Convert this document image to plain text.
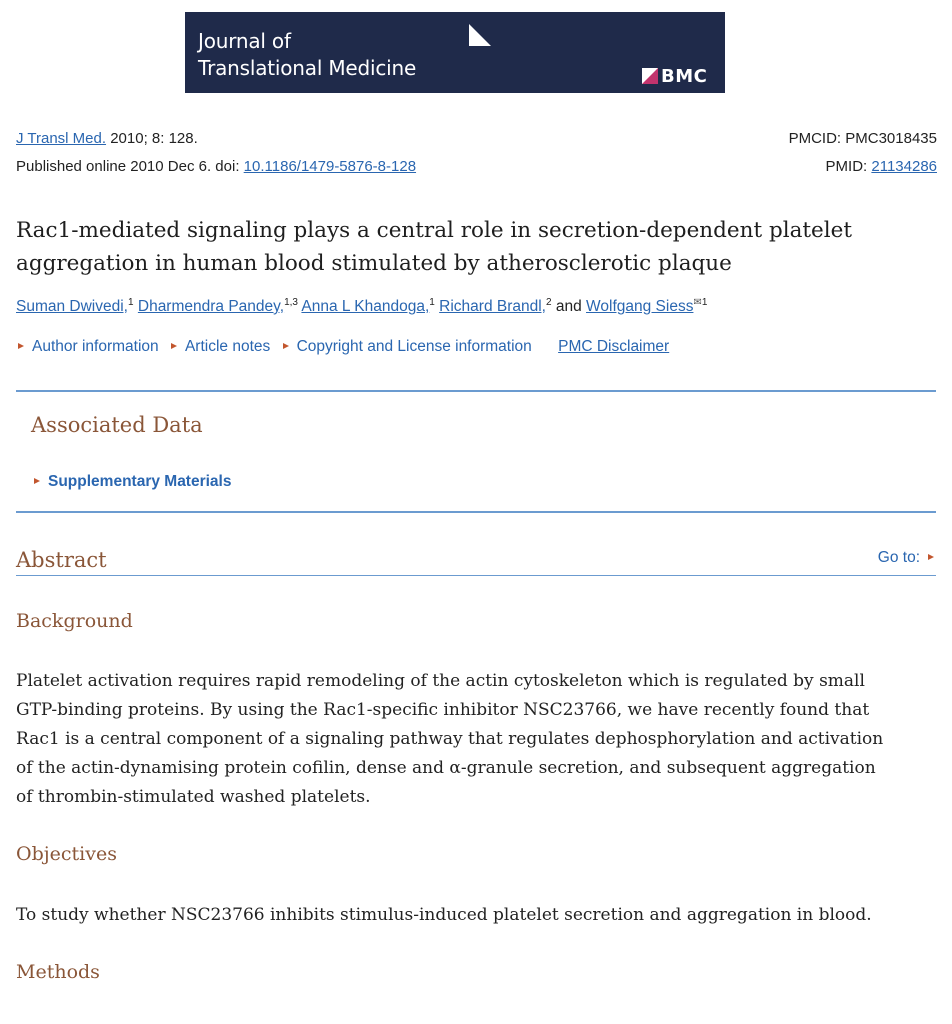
Journal of
Translational Medicine	BMC
J Transl Med. 2010; 8: 128.
Published online 2010 Dec 6. doi: 10.1186/1479-5876-8-128
PMCID: PMC3018435
PMID: 21134286
Rac1-mediated signaling plays a central role in secretion-dependent platelet
aggregation in human blood stimulated by atherosclerotic plaque
Suman Dwivedi,$^1$ Dharmendra Pandey,$^{1,3}$ Anna L Khandoga,$^1$ Richard Brandl,$^2$ and Wolfgang Siess$^{✉1}$
Author information Article notes Copyright and License information PMC Disclaimer
Associated Data
Supplementary Materials
Abstract	Go to:
Background

Platelet activation requires rapid remodeling of the actin cytoskeleton which is regulated by small
GTP-binding proteins. By using the Rac1-specific inhibitor NSC23766, we have recently found that
Rac1 is a central component of a signaling pathway that regulates dephosphorylation and activation
of the actin-dynamising protein cofilin, dense and α-granule secretion, and subsequent aggregation
of thrombin-stimulated washed platelets.

Objectives

To study whether NSC23766 inhibits stimulus-induced platelet secretion and aggregation in blood.

Methods
